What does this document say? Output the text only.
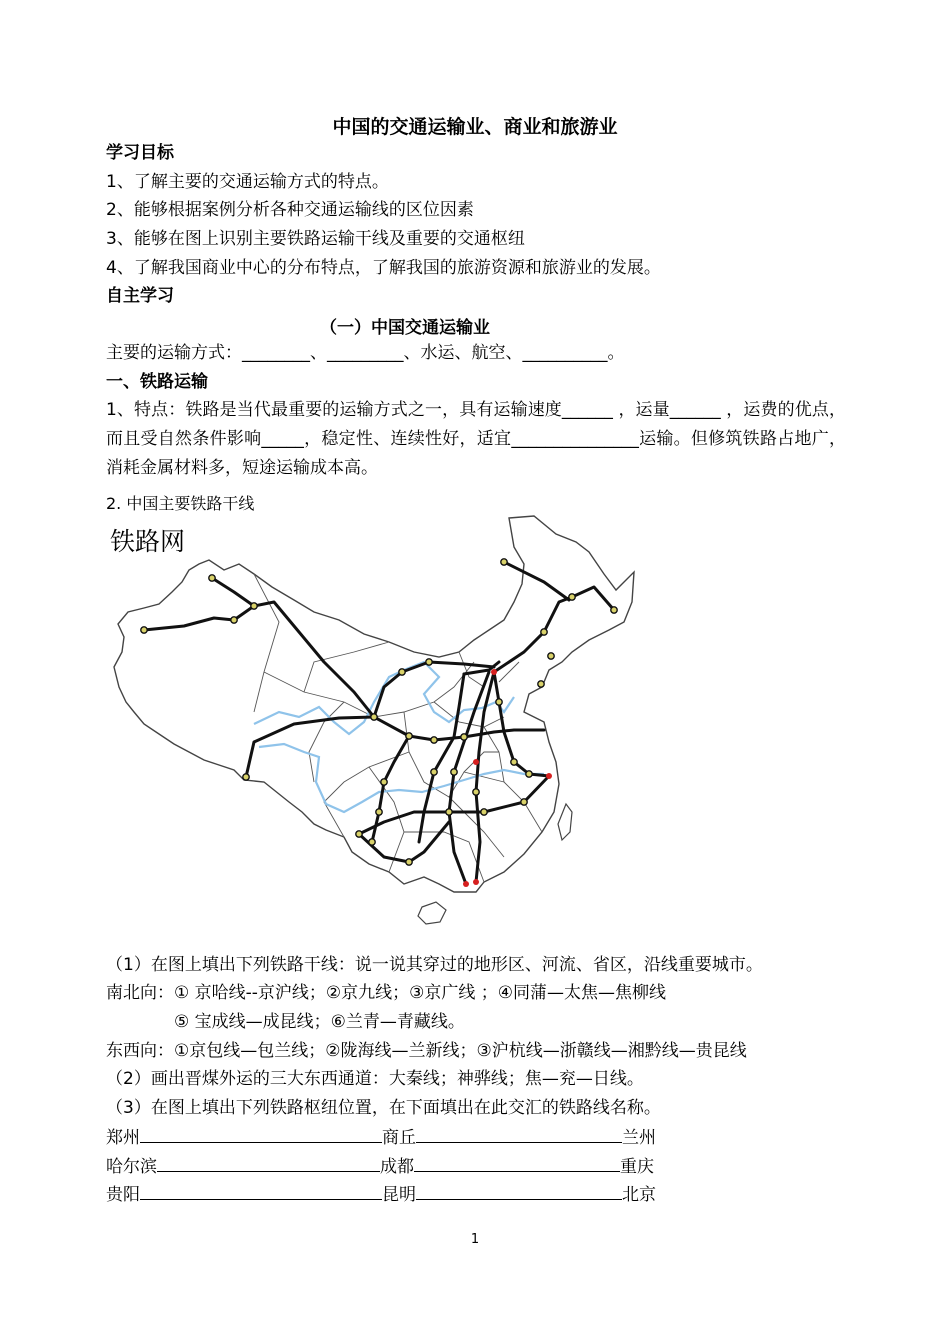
中国的交通运输业、商业和旅游业
学习目标
1、了解主要的交通运输方式的特点。
2、能够根据案例分析各种交通运输线的区位因素
3、能够在图上识别主要铁路运输干线及重要的交通枢纽
4、了解我国商业中心的分布特点，了解我国的旅游资源和旅游业的发展。
自主学习
（一）中国交通运输业
主要的运输方式：________、_________、水运、航空、__________。
一、铁路运输
1、特点：铁路是当代最重要的运输方式之一，具有运输速度______ ，运量______ ，运费的优点，而且受自然条件影响_____，稳定性、连续性好，适宜_______________运输。但修筑铁路占地广，消耗金属材料多，短途运输成本高。
2. 中国主要铁路干线
铁路网
（1）在图上填出下列铁路干线：说一说其穿过的地形区、河流、省区，沿线重要城市。
南北向：① 京哈线--京沪线；②京九线；③京广线 ；④同蒲—太焦—焦柳线
⑤ 宝成线—成昆线；⑥兰青—青藏线。
东西向：①京包线—包兰线；②陇海线—兰新线；③沪杭线—浙赣线—湘黔线—贵昆线
（2）画出晋煤外运的三大东西通道：大秦线；神骅线；焦—兖—日线。
（3）在图上填出下列铁路枢纽位置，在下面填出在此交汇的铁路线名称。
郑州	商丘	兰州
哈尔滨	成都	重庆
贵阳	昆明	北京
1
